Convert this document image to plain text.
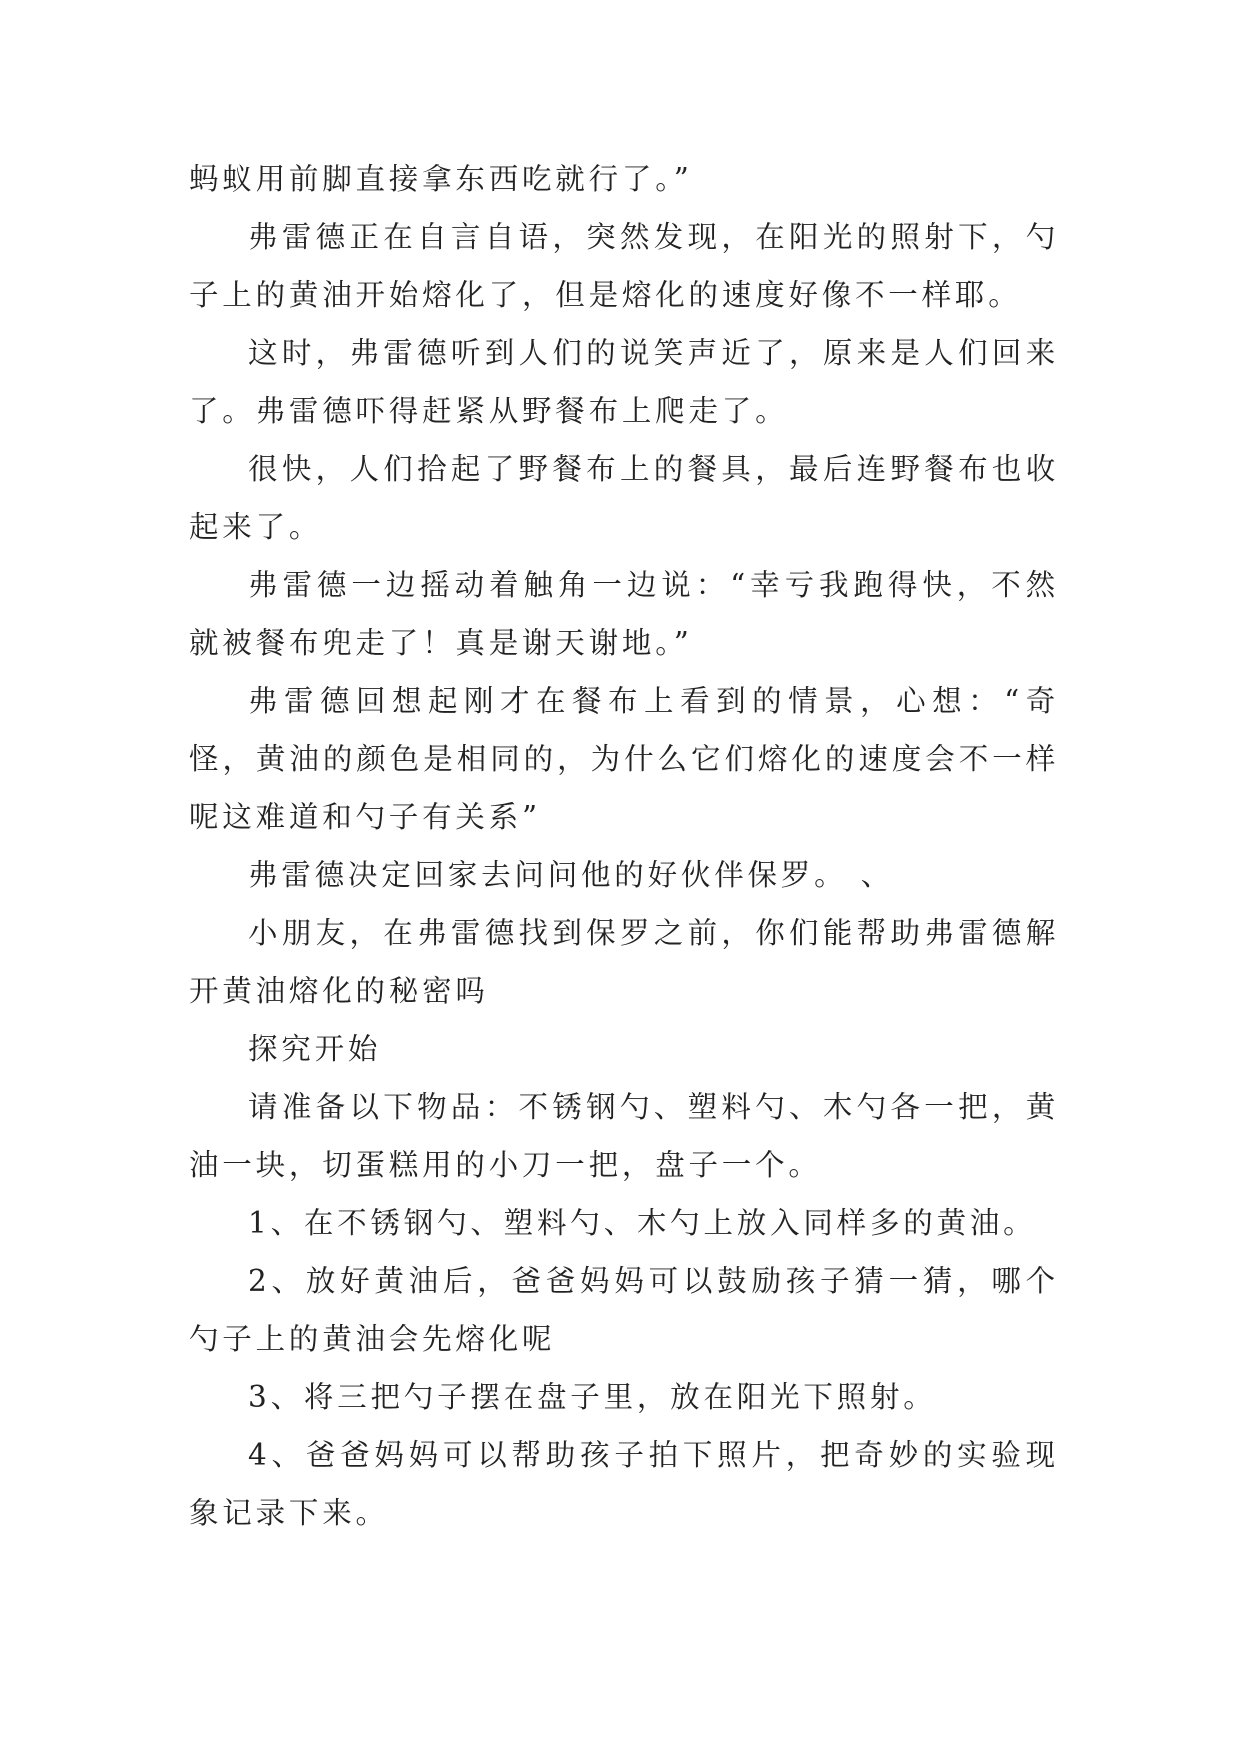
蚂蚁用前脚直接拿东西吃就行了。”

弗雷德正在自言自语，突然发现，在阳光的照射下，勺子上的黄油开始熔化了，但是熔化的速度好像不一样耶。

这时，弗雷德听到人们的说笑声近了，原来是人们回来了。弗雷德吓得赶紧从野餐布上爬走了。

很快，人们拾起了野餐布上的餐具，最后连野餐布也收起来了。

弗雷德一边摇动着触角一边说：“幸亏我跑得快，不然就被餐布兜走了！真是谢天谢地。”

弗雷德回想起刚才在餐布上看到的情景，心想：“奇怪，黄油的颜色是相同的，为什么它们熔化的速度会不一样呢这难道和勺子有关系”

弗雷德决定回家去问问他的好伙伴保罗。 、

小朋友，在弗雷德找到保罗之前，你们能帮助弗雷德解开黄油熔化的秘密吗

探究开始

请准备以下物品：不锈钢勺、塑料勺、木勺各一把，黄油一块，切蛋糕用的小刀一把，盘子一个。

1、在不锈钢勺、塑料勺、木勺上放入同样多的黄油。

2、放好黄油后，爸爸妈妈可以鼓励孩子猜一猜，哪个勺子上的黄油会先熔化呢

3、将三把勺子摆在盘子里，放在阳光下照射。

4、爸爸妈妈可以帮助孩子拍下照片，把奇妙的实验现象记录下来。
